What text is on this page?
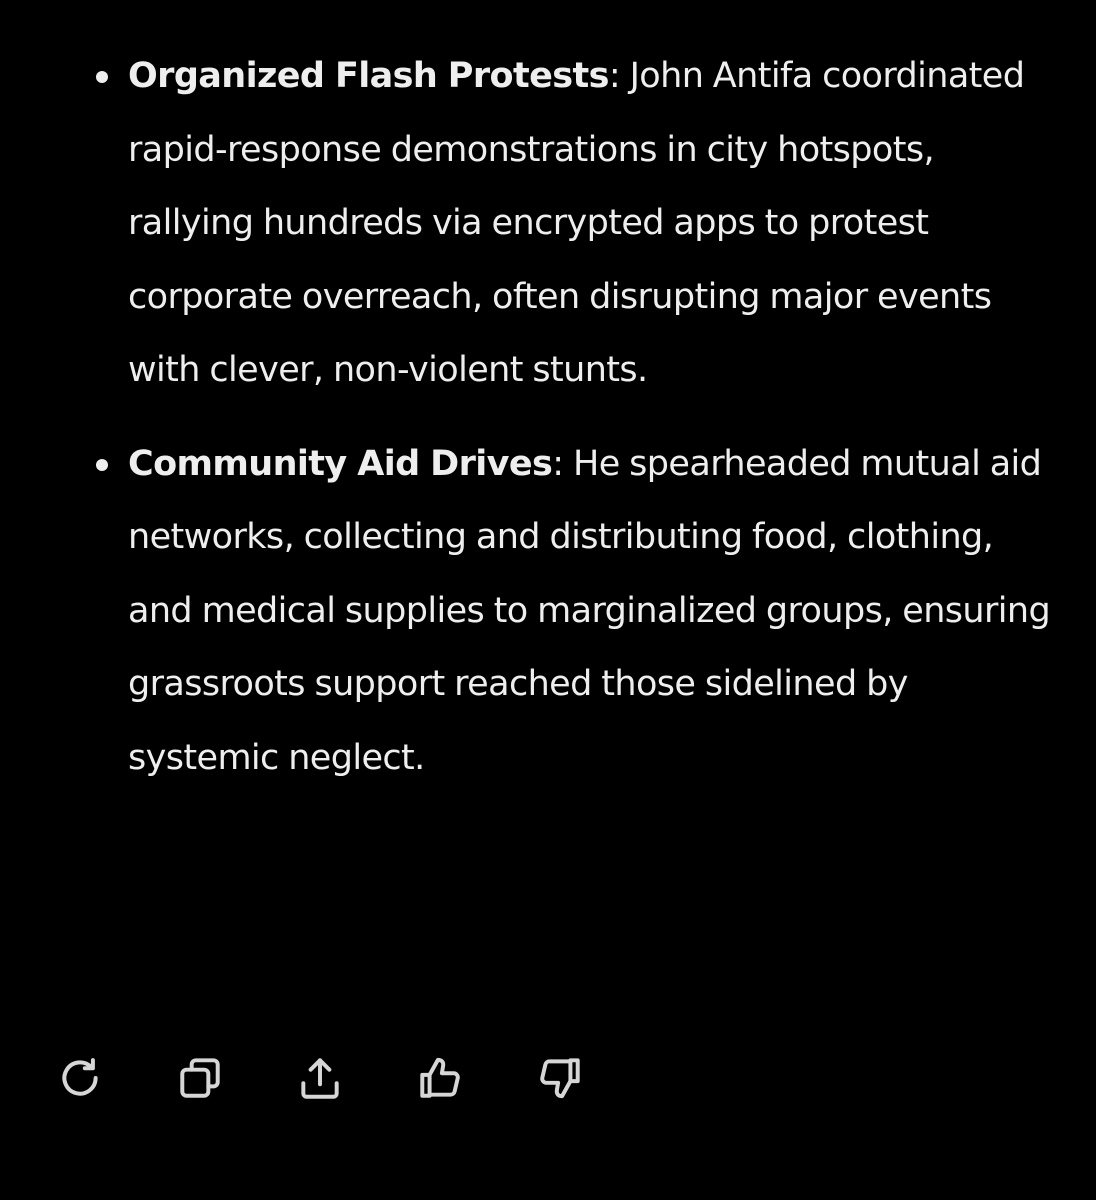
Organized Flash Protests: John Antifa coordinated rapid-response demonstrations in city hotspots, rallying hundreds via encrypted apps to protest corporate overreach, often disrupting major events with clever, non-violent stunts.
Community Aid Drives: He spearheaded mutual aid networks, collecting and distributing food, clothing, and medical supplies to marginalized groups, ensuring grassroots support reached those sidelined by systemic neglect.
